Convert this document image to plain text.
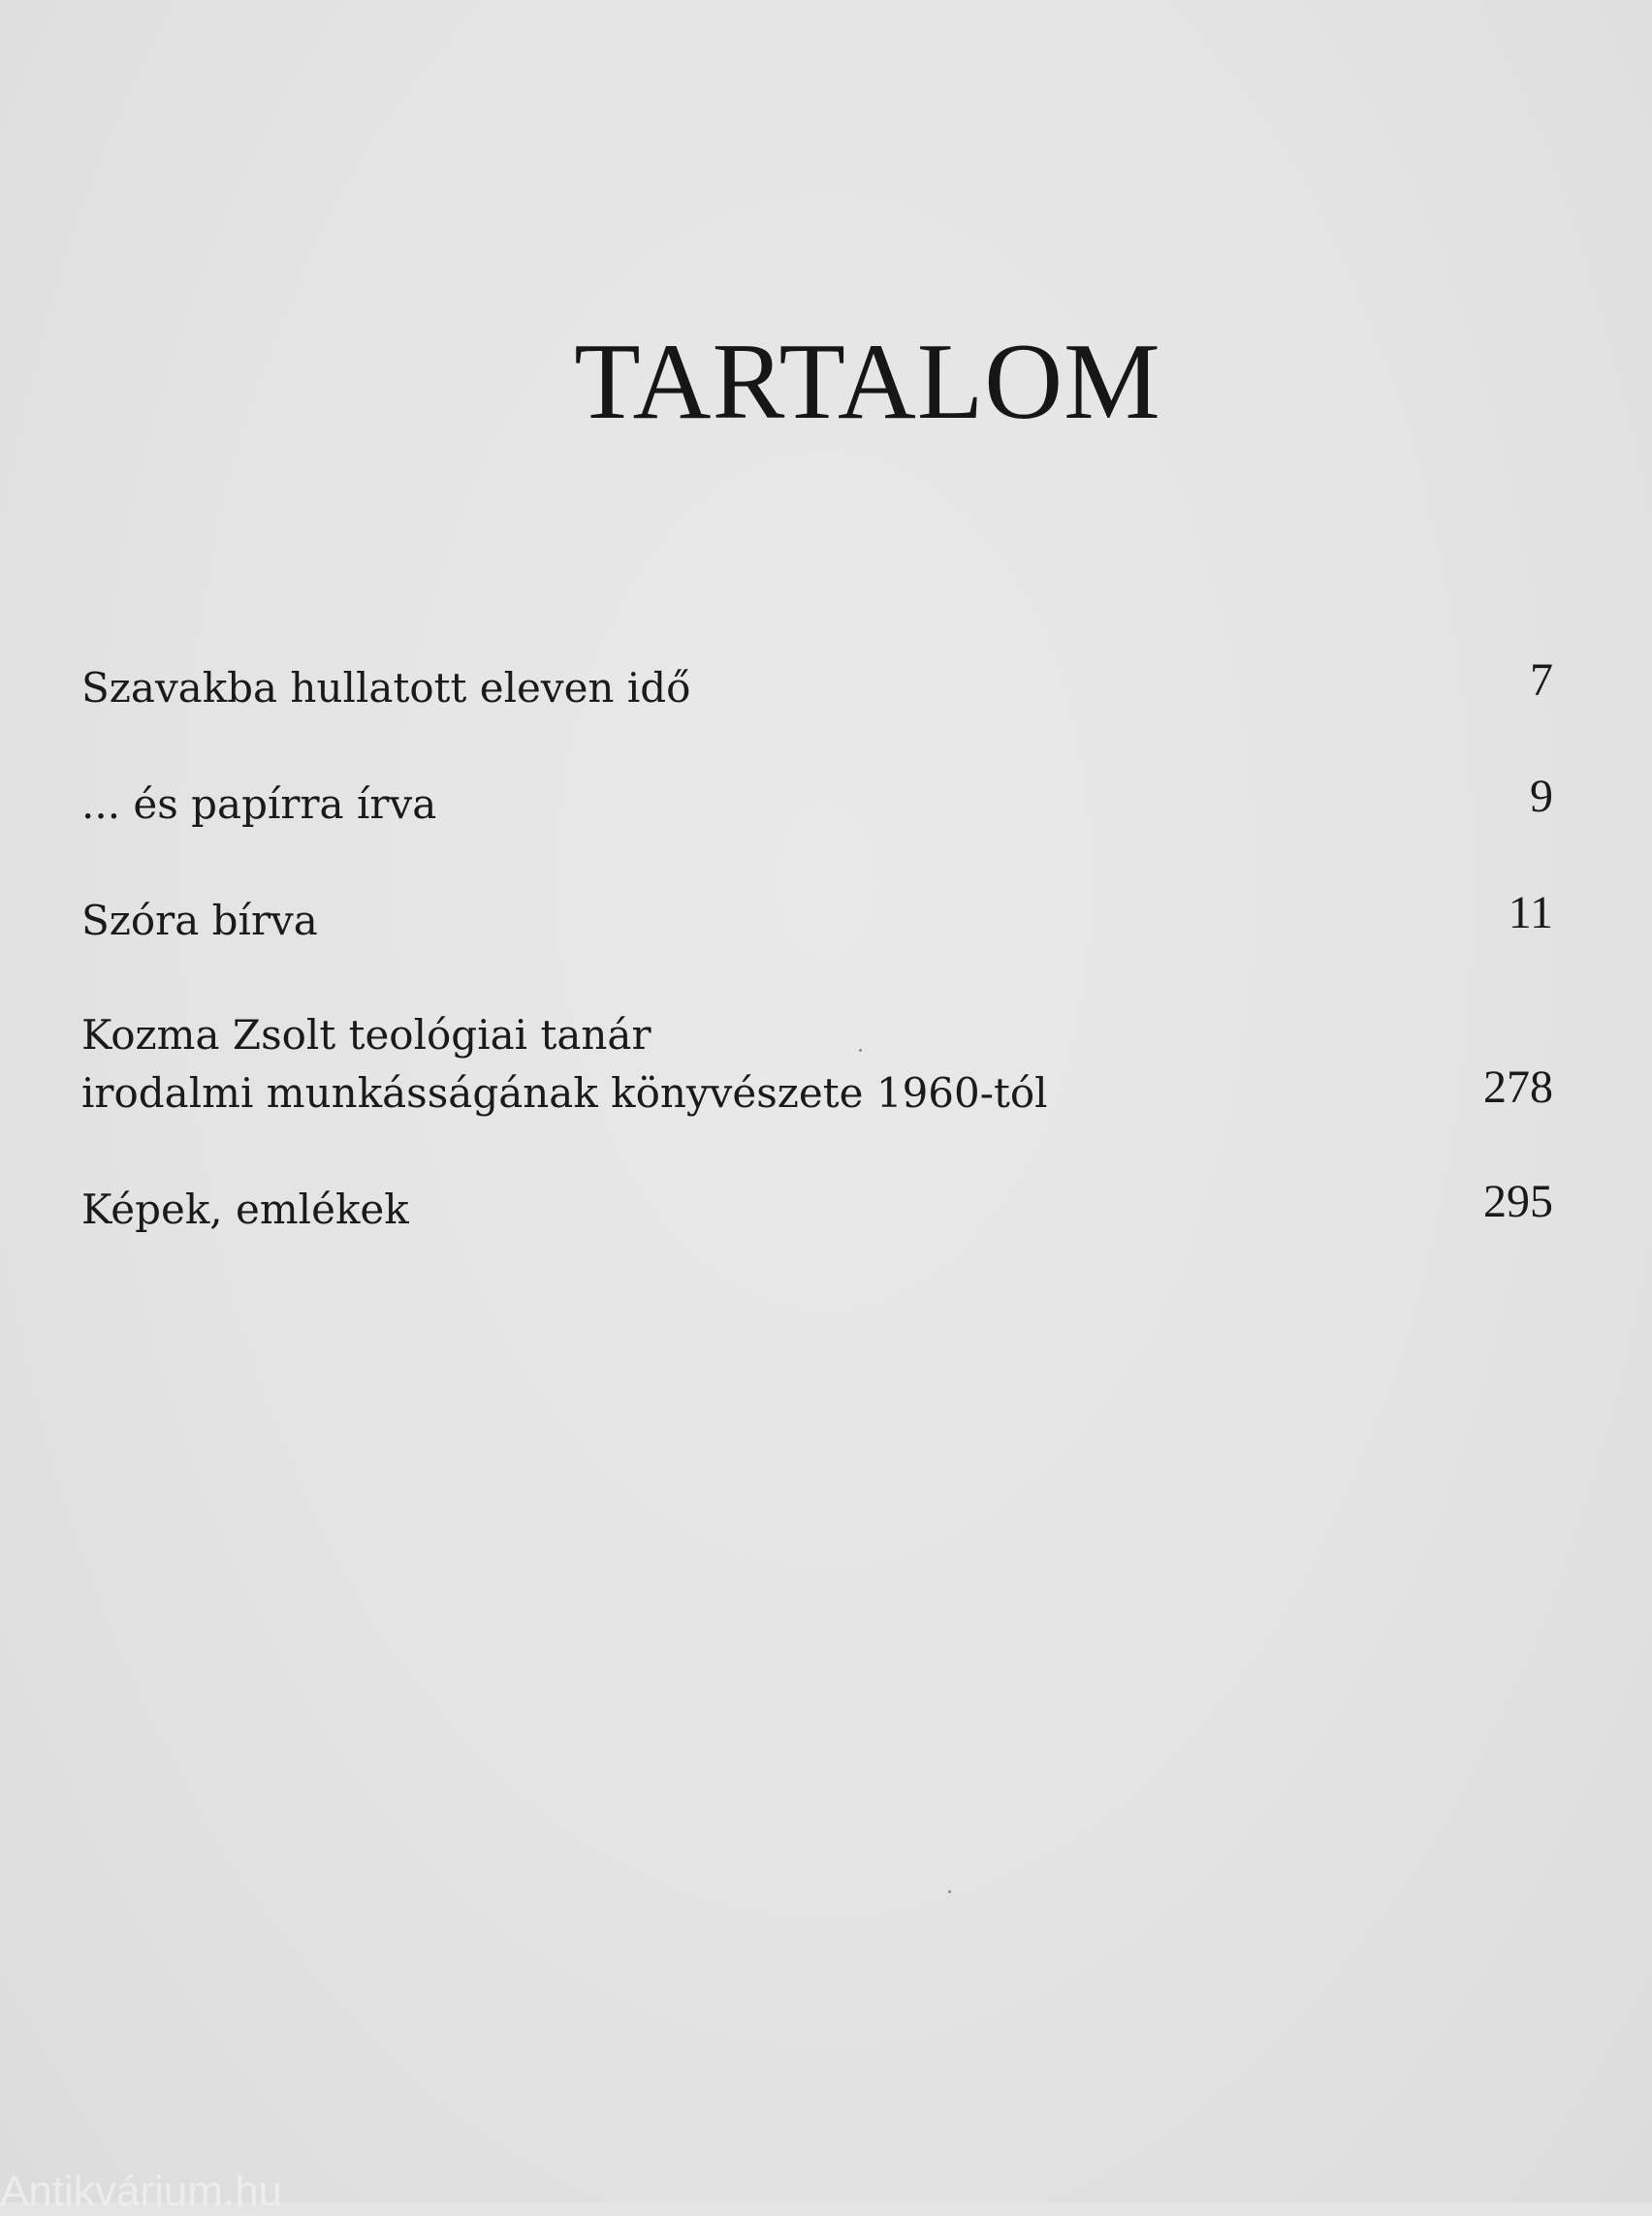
TARTALOM
Szavakba hullatott eleven idő	7
... és papírra írva	9
Szóra bírva	11
Kozma Zsolt teológiai tanár
irodalmi munkásságának könyvészete 1960-tól	278
Képek, emlékek	295
Antikvárium.hu
